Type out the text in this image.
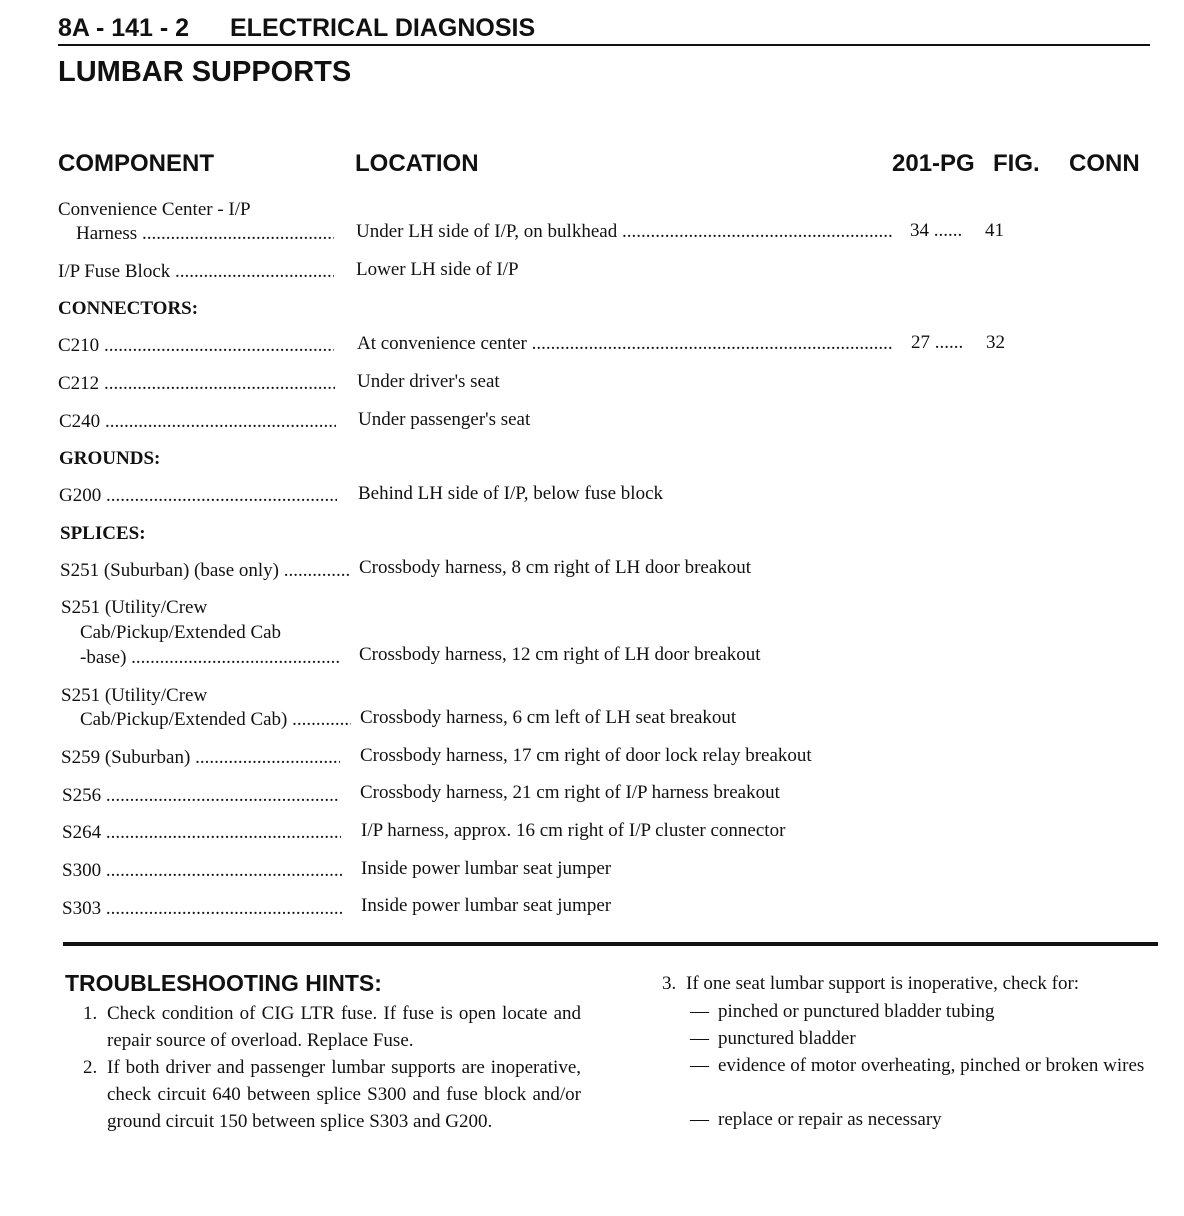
8A - 141 - 2 ELECTRICAL DIAGNOSIS
LUMBAR SUPPORTS
COMPONENT	LOCATION	201-PG FIG. CONN
Convenience Center - I/P
Harness .....	Under LH side of I/P, on bulkhead .....	34 ......	41
I/P Fuse Block .....	Lower LH side of I/P
CONNECTORS:
C210 .....	At convenience center .....	27 ......	32
C212 .....	Under driver's seat
C240 .....	Under passenger's seat
GROUNDS:
G200 .....	Behind LH side of I/P, below fuse block
SPLICES:
S251 (Suburban) (base only) .....	Crossbody harness, 8 cm right of LH door breakout
S251 (Utility/Crew
Cab/Pickup/Extended Cab
-base) .....	Crossbody harness, 12 cm right of LH door breakout
S251 (Utility/Crew
Cab/Pickup/Extended Cab) .....	Crossbody harness, 6 cm left of LH seat breakout
S259 (Suburban) .....	Crossbody harness, 17 cm right of door lock relay breakout
S256 .....	Crossbody harness, 21 cm right of I/P harness breakout
S264 .....	I/P harness, approx. 16 cm right of I/P cluster connector
S300 .....	Inside power lumbar seat jumper
S303 .....	Inside power lumbar seat jumper
TROUBLESHOOTING HINTS:
1. Check condition of CIG LTR fuse. If fuse is open locate and repair source of overload. Replace Fuse.
2. If both driver and passenger lumbar supports are inoperative, check circuit 640 between splice S300 and fuse block and/or ground circuit 150 between splice S303 and G200.
3. If one seat lumbar support is inoperative, check for:
— pinched or punctured bladder tubing
— punctured bladder
— evidence of motor overheating, pinched or broken wires
— replace or repair as necessary
